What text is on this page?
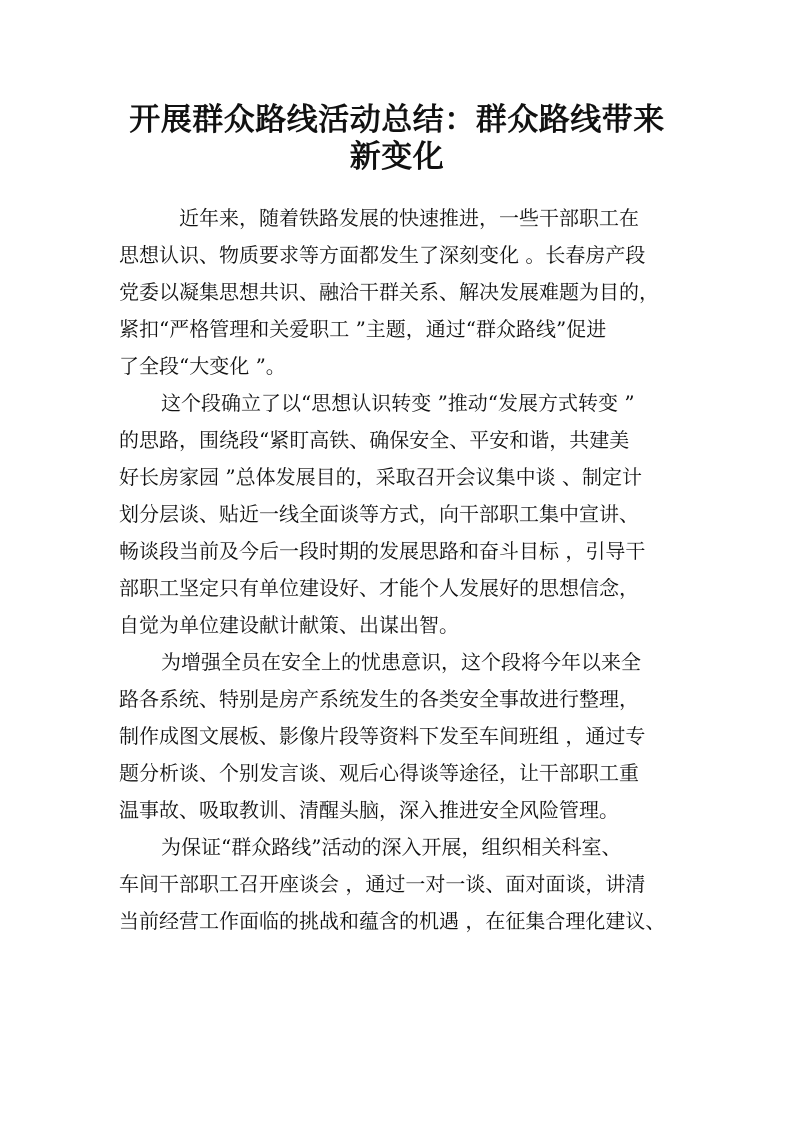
开展群众路线活动总结：群众路线带来
新变化

近年来，随着铁路发展的快速推进，一些干部职工在
思想认识、物质要求等方面都发生了深刻变化 。长春房产段
党委以凝集思想共识、融洽干群关系、解决发展难题为目的，
紧扣“严格管理和关爱职工 ”主题，通过“群众路线”促进
了全段“大变化 ”。

这个段确立了以“思想认识转变 ”推动“发展方式转变 ”
的思路，围绕段“紧盯高铁、确保安全、平安和谐，共建美
好长房家园 ”总体发展目的，采取召开会议集中谈 、制定计
划分层谈、贴近一线全面谈等方式，向干部职工集中宣讲、
畅谈段当前及今后一段时期的发展思路和奋斗目标 ，引导干
部职工坚定只有单位建设好、才能个人发展好的思想信念，
自觉为单位建设献计献策、出谋出智。

为增强全员在安全上的忧患意识，这个段将今年以来全
路各系统、特别是房产系统发生的各类安全事故进行整理，
制作成图文展板、影像片段等资料下发至车间班组 ，通过专
题分析谈、个别发言谈、观后心得谈等途径，让干部职工重
温事故、吸取教训、清醒头脑，深入推进安全风险管理。

为保证“群众路线”活动的深入开展，组织相关科室、
车间干部职工召开座谈会 ，通过一对一谈、面对面谈，讲清
当前经营工作面临的挑战和蕴含的机遇 ，在征集合理化建议、
